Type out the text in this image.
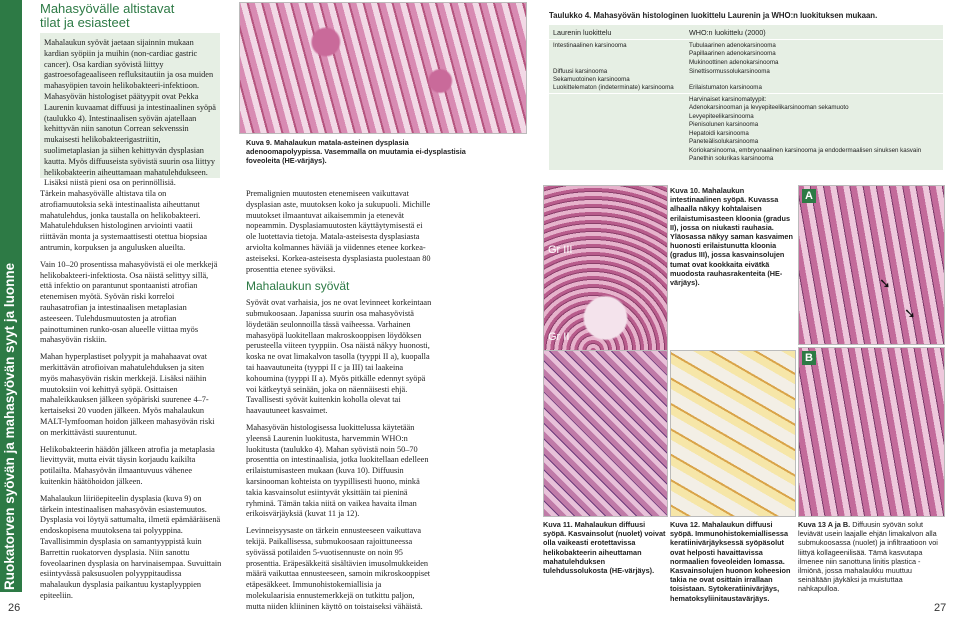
Ruokatorven syövän ja mahasyövän syyt ja luonne
Mahasyövälle altistavat
tilat ja esiasteet
Mahalaukun syövät jaetaan sijainnin mukaan kardian syöpiin ja muihin (non-cardiac gastric cancer). Osa kardian syövistä liittyy gastroesofageaaliseen refluksitautiin ja osa muiden mahasyöpien tavoin helikobakteeri-infektioon. Mahasyövän histologiset päätyypit ovat Pekka Laurenin kuvaamat diffuusi ja intestinaalinen syöpä (taulukko 4). Intestinaalisen syövän ajatellaan kehittyvän niin sanotun Correan sekvenssin mukaisesti helikobakteerigastriitin, suolimetaplasian ja siihen kehittyvän dysplasian kautta. Myös diffuuseista syövistä suurin osa liittyy helikobakteerin aiheuttamaan mahatulehdukseen. Lisäksi niistä pieni osa on perinnöllisiä.

Tärkein mahasyövälle altistava tila on atrofiamuutoksia sekä intestinaalista aiheuttanut mahatulehdus, jonka taustalla on helikobakteeri. Mahatulehduksen histologinen arviointi vaatii riittävän monta ja systemaattisesti otettua biopsiaa antrumin, korpuksen ja angulusken alueilta.

Vain 10–20 prosentissa mahasyövistä ei ole merkkejä helikobakteeri-infektiosta. Osa näistä selittyy sillä, että infektio on parantunut spontaanisti atrofian etenemisen myötä. Syövän riski korreloi rauhasatrofian ja intestinaalisen metaplasian asteeseen. Tulehdusmuutosten ja atrofian painottuminen runko-osan alueelle viittaa myös mahasyövän riskiin.

Mahan hyperplastiset polyypit ja mahahaavat ovat merkittävän atrofioivan mahatulehduksen ja siten myös mahasyövän riskin merkkejä. Lisäksi näihin muutoksiin voi kehittyä syöpä. Osittaisen mahaleikkauksen jälkeen syöpäriski suurenee 4–7-kertaiseksi 20 vuoden jälkeen. Myös mahalaukun MALT-lymfooman hoidon jälkeen mahasyövän riski on merkittävästi suurentunut.

Helikobakteerin häädön jälkeen atrofia ja metaplasia lievittyvät, mutta eivät täysin korjaudu kaikilta potilailta. Mahasyövän ilmaantuvuus vähenee kuitenkin häätöhoidon jälkeen.

Mahalaukun liiriöepiteelin dysplasia (kuva 9) on tärkein intestinaalisen mahasyövän esiastemuutos. Dysplasia voi löytyä sattumalta, ilmetä epämääräisenä endoskopisena muutoksena tai polyyppina. Tavallisimmin dysplasia on samantyyppistä kuin Barrettin ruokatorven dysplasia. Niin sanottu foveolaarinen dysplasia on harvinaisempaa. Suvuittain esiintyvässä paksusuolen polyyppitaudissa mahalaukun dysplasia paikantuu kystaplyyppien epiteeliin.

Kuva 9. Mahalaukun matala-asteinen dysplasia adenoomapolyypissa. Vasemmalla on muutamia ei-dysplastisia foveoleita (HE-värjäys).

Premalignien muutosten etenemiseen vaikuttavat dysplasian aste, muutoksen koko ja sukupuoli. Michille muutokset ilmaantuvat aikaisemmin ja etenevät nopeammin. Dysplasiamuutosten käyttäytymisestä ei ole luotettavia tietoja. Matala-asteisesta dysplasiasta arviolta kolmannes häviää ja viidennes etenee korkea-asteiseksi. Korkea-asteisesta dysplasiasta puolestaan 80 prosenttia etenee syöväksi.

Mahalaukun syövät

Syövät ovat varhaisia, jos ne ovat levinneet korkeintaan submukoosaan. Japanissa suurin osa mahasyövistä löydetään seulonnoilla tässä vaiheessa. Varhainen mahasyöpä luokitellaan makroskooppisen löydöksen perusteella viiteen tyyppiin. Osa näistä näkyy huonosti, koska ne ovat limakalvon tasolla (tyyppi II a), kuopalla tai haavautuneita (tyyppi II c ja III) tai laakeina kohoumina (tyyppi II a). Myös pitkälle edennyt syöpä voi kätkeytyä seinään, joka on näennäisesti ehjä. Tavallisesti syövät kuitenkin koholla olevat tai haavautuneet kasvaimet.

Mahasyövän histologisessa luokittelussa käytetään yleensä Laurenin luokitusta, harvemmin WHO:n luokitusta (taulukko 4). Mahan syövistä noin 50–70 prosenttia on intestinaalisia, jotka luokitellaan edelleen erilaistumisasteen mukaan (kuva 10). Diffuusin karsinooman kohteista on tyypillisesti huono, minkä takia kasvainsolut esiintyvät yksittäin tai pieninä ryhminä. Tämän takia niitä on vaikea havaita ilman erikoisvärjäyksiä (kuvat 11 ja 12).

Levinneisyysaste on tärkein ennusteeseen vaikuttava tekijä. Paikallisessa, submukoosaan rajoittuneessa syövässä potilaiden 5-vuotisennuste on noin 95 prosenttia. Eräpesäkkeitä sisältävien imusolmukkeiden määrä vaikuttaa ennusteeseen, samoin mikroskooppiset etäpesäkkeet. Immunohistokemiallisia ja molekulaarisia ennustemerkkejä on tutkittu paljon, mutta niiden kliininen käyttö on toistaiseksi vähäistä.

Taulukko 4. Mahasyövän histologinen luokittelu Laurenin ja WHO:n luokituksen mukaan.
Laurenin luokittelu	WHO:n luokittelu (2000)
Intestinaalinen karsinooma
Diffuusi karsinooma
Sekamuotoinen karsinooma
Luokittelematon (indeterminate) karsinooma
Tubulaarinen adenokarsinooma
Papillaarinen adenokarsinooma
Mukinoottinen adenokarsinooma
Sinettisormussolukarsinooma
Erilaistumaton karsinooma
Harvinaiset karsinomatyypit:
Adenokarsinooman ja levyepiteelikarsinooman sekamuoto
Levyepiteelikarsinooma
Pienisolunen karsinooma
Hepatoidi karsinooma
Paneteälisolukarsinooma
Koriokarsinooma, embryonaalinen karsinooma ja endodermaalisen sinuksen kasvain
Panethin solurikas karsinooma
Gr III
Gr II
Kuva 10. Mahalaukun intestinaalinen syöpä. Kuvassa alhaalla näkyy kohtalaisen erilaistumisasteen kloonia (gradus II), jossa on niukasti rauhasia. Yläosassa näkyy saman kasvaimen huonosti erilaistunutta kloonia (gradus III), jossa kasvainsolujen tumat ovat kookkaita eivätkä muodosta rauhasrakenteita (HE-värjäys).
A
➘
➘
B
Kuva 11. Mahalaukun diffuusi syöpä. Kasvainsolut (nuolet) voivat olla vaikeasti erotettavissa helikobakteerin aiheuttaman mahatulehduksen tulehdussolukosta (HE-värjäys).
Kuva 12. Mahalaukun diffuusi syöpä. Immunohistokemiallisessa keratiinivärjäyksessä syöpäsolut ovat helposti havaittavissa normaalien foveoleiden lomassa. Kasvainsolujen huonon koheesion takia ne ovat osittain irrallaan toisistaan. Sytokeratiinivärjäys, hematoksyliinitaustavärjäys.
Kuva 13 A ja B. Diffuusin syövän solut leviävät usein laajalle ehjän limakalvon alla submukoosassa (nuolet) ja infiltraatioon voi liittyä kollageenilisää. Tämä kasvutapa ilmenee niin sanottuna linitis plastica -ilmiönä, jossa mahalaukku muuttuu seinältään jäykäksi ja muistuttaa nahkapulloa.
26	27
